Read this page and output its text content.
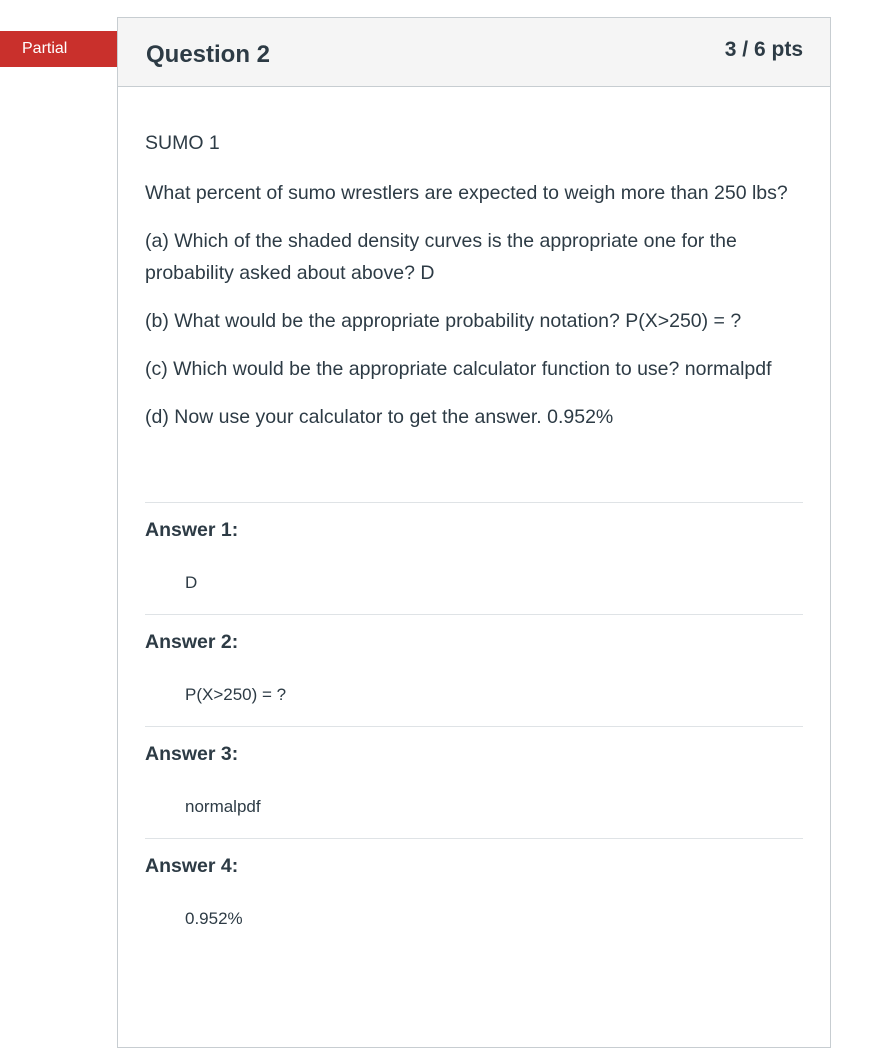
Partial	Question 2	3 / 6 pts

SUMO 1

What percent of sumo wrestlers are expected to weigh more than 250 lbs?

(a) Which of the shaded density curves is the appropriate one for the probability asked about above? D

(b) What would be the appropriate probability notation? P(X>250) = ?

(c) Which would be the appropriate calculator function to use? normalpdf

(d) Now use your calculator to get the answer. 0.952%

Answer 1:
D
Answer 2:
P(X>250) = ?
Answer 3:
normalpdf
Answer 4:
0.952%
